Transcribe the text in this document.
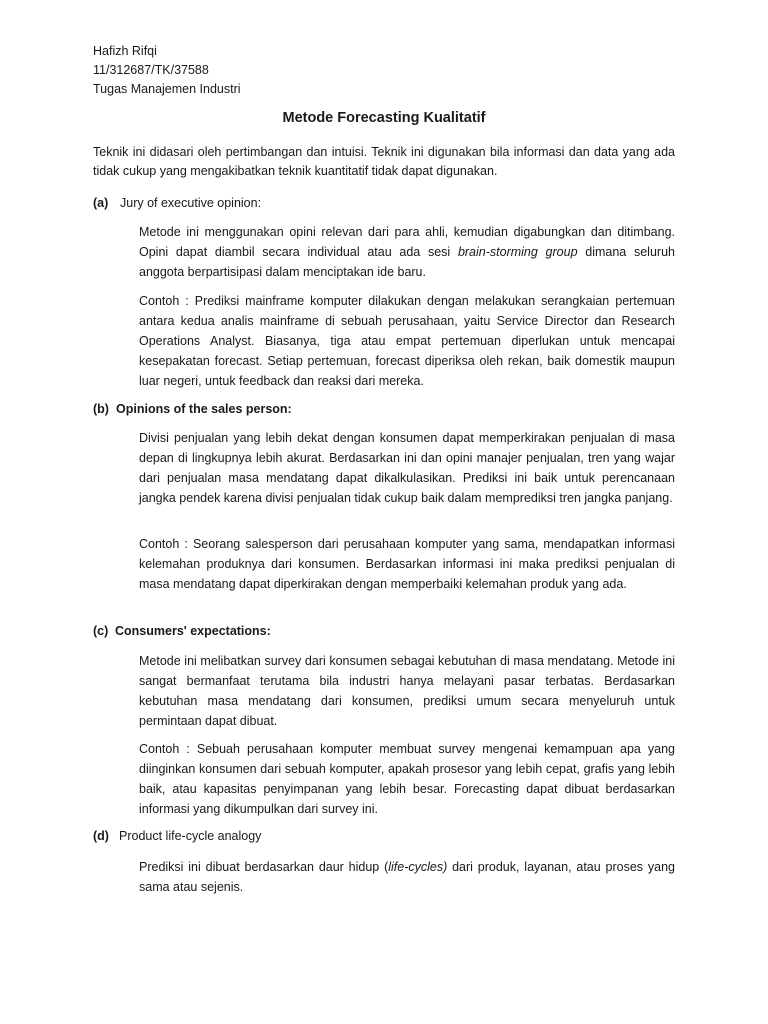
Hafizh Rifqi
11/312687/TK/37588
Tugas Manajemen Industri
Metode Forecasting Kualitatif

Teknik ini didasari oleh pertimbangan dan intuisi. Teknik ini digunakan bila informasi dan data yang ada tidak cukup yang mengakibatkan teknik kuantitatif tidak dapat digunakan.

(a) Jury of executive opinion:

Metode ini menggunakan opini relevan dari para ahli, kemudian digabungkan dan ditimbang. Opini dapat diambil secara individual atau ada sesi brain-storming group dimana seluruh anggota berpartisipasi dalam menciptakan ide baru.

Contoh : Prediksi mainframe komputer dilakukan dengan melakukan serangkaian pertemuan antara kedua analis mainframe di sebuah perusahaan, yaitu Service Director dan Research Operations Analyst. Biasanya, tiga atau empat pertemuan diperlukan untuk mencapai kesepakatan forecast. Setiap pertemuan, forecast diperiksa oleh rekan, baik domestik maupun luar negeri, untuk feedback dan reaksi dari mereka.

(b) Opinions of the sales person:

Divisi penjualan yang lebih dekat dengan konsumen dapat memperkirakan penjualan di masa depan di lingkupnya lebih akurat. Berdasarkan ini dan opini manajer penjualan, tren yang wajar dari penjualan masa mendatang dapat dikalkulasikan. Prediksi ini baik untuk perencanaan jangka pendek karena divisi penjualan tidak cukup baik dalam memprediksi tren jangka panjang.

Contoh : Seorang salesperson dari perusahaan komputer yang sama, mendapatkan informasi kelemahan produknya dari konsumen. Berdasarkan informasi ini maka prediksi penjualan di masa mendatang dapat diperkirakan dengan memperbaiki kelemahan produk yang ada.

(c) Consumers' expectations:

Metode ini melibatkan survey dari konsumen sebagai kebutuhan di masa mendatang. Metode ini sangat bermanfaat terutama bila industri hanya melayani pasar terbatas. Berdasarkan kebutuhan masa mendatang dari konsumen, prediksi umum secara menyeluruh untuk permintaan dapat dibuat.

Contoh : Sebuah perusahaan komputer membuat survey mengenai kemampuan apa yang diinginkan konsumen dari sebuah komputer, apakah prosesor yang lebih cepat, grafis yang lebih baik, atau kapasitas penyimpanan yang lebih besar. Forecasting dapat dibuat berdasarkan informasi yang dikumpulkan dari survey ini.

(d) Product life-cycle analogy

Prediksi ini dibuat berdasarkan daur hidup (life-cycles) dari produk, layanan, atau proses yang sama atau sejenis.
